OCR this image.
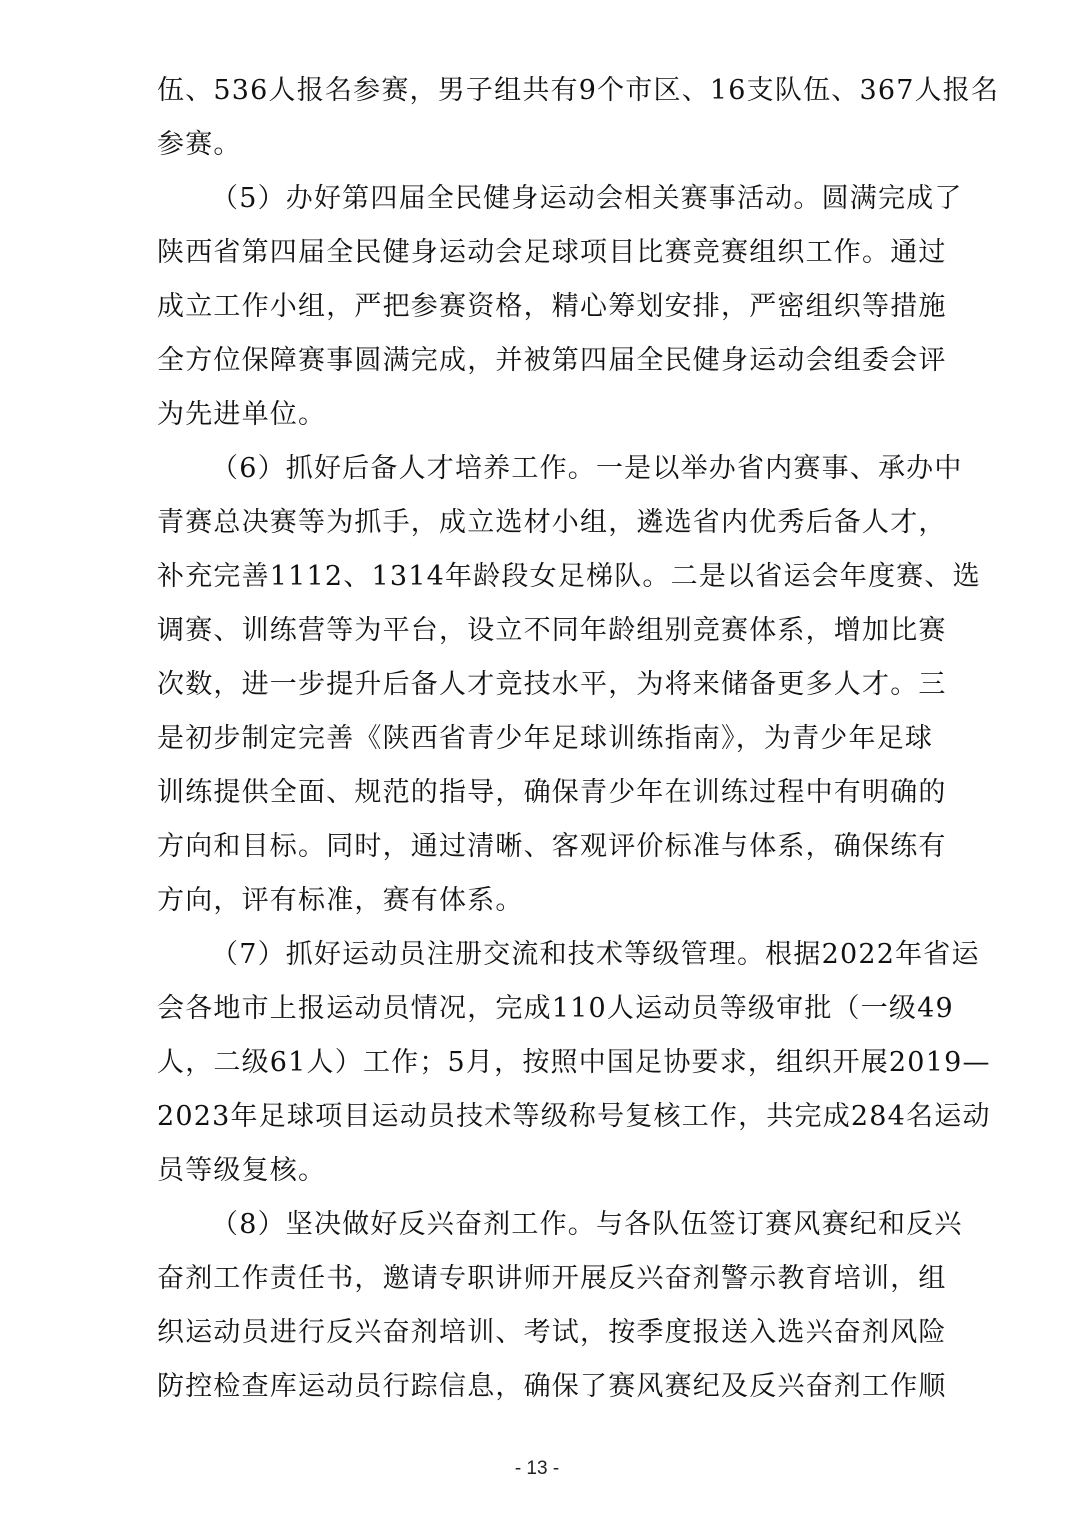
伍、536人报名参赛，男子组共有9个市区、16支队伍、367人报名
参赛。
（5）办好第四届全民健身运动会相关赛事活动。圆满完成了
陕西省第四届全民健身运动会足球项目比赛竞赛组织工作。通过
成立工作小组，严把参赛资格，精心筹划安排，严密组织等措施
全方位保障赛事圆满完成，并被第四届全民健身运动会组委会评
为先进单位。
（6）抓好后备人才培养工作。一是以举办省内赛事、承办中
青赛总决赛等为抓手，成立选材小组，遴选省内优秀后备人才，
补充完善1112、1314年龄段女足梯队。二是以省运会年度赛、选
调赛、训练营等为平台，设立不同年龄组别竞赛体系，增加比赛
次数，进一步提升后备人才竞技水平，为将来储备更多人才。三
是初步制定完善《陕西省青少年足球训练指南》，为青少年足球
训练提供全面、规范的指导，确保青少年在训练过程中有明确的
方向和目标。同时，通过清晰、客观评价标准与体系，确保练有
方向，评有标准，赛有体系。
（7）抓好运动员注册交流和技术等级管理。根据2022年省运
会各地市上报运动员情况，完成110人运动员等级审批（一级49
人，二级61人）工作；5月，按照中国足协要求，组织开展2019—
2023年足球项目运动员技术等级称号复核工作，共完成284名运动
员等级复核。
（8）坚决做好反兴奋剂工作。与各队伍签订赛风赛纪和反兴
奋剂工作责任书，邀请专职讲师开展反兴奋剂警示教育培训，组
织运动员进行反兴奋剂培训、考试，按季度报送入选兴奋剂风险
防控检查库运动员行踪信息，确保了赛风赛纪及反兴奋剂工作顺
- 13 -
